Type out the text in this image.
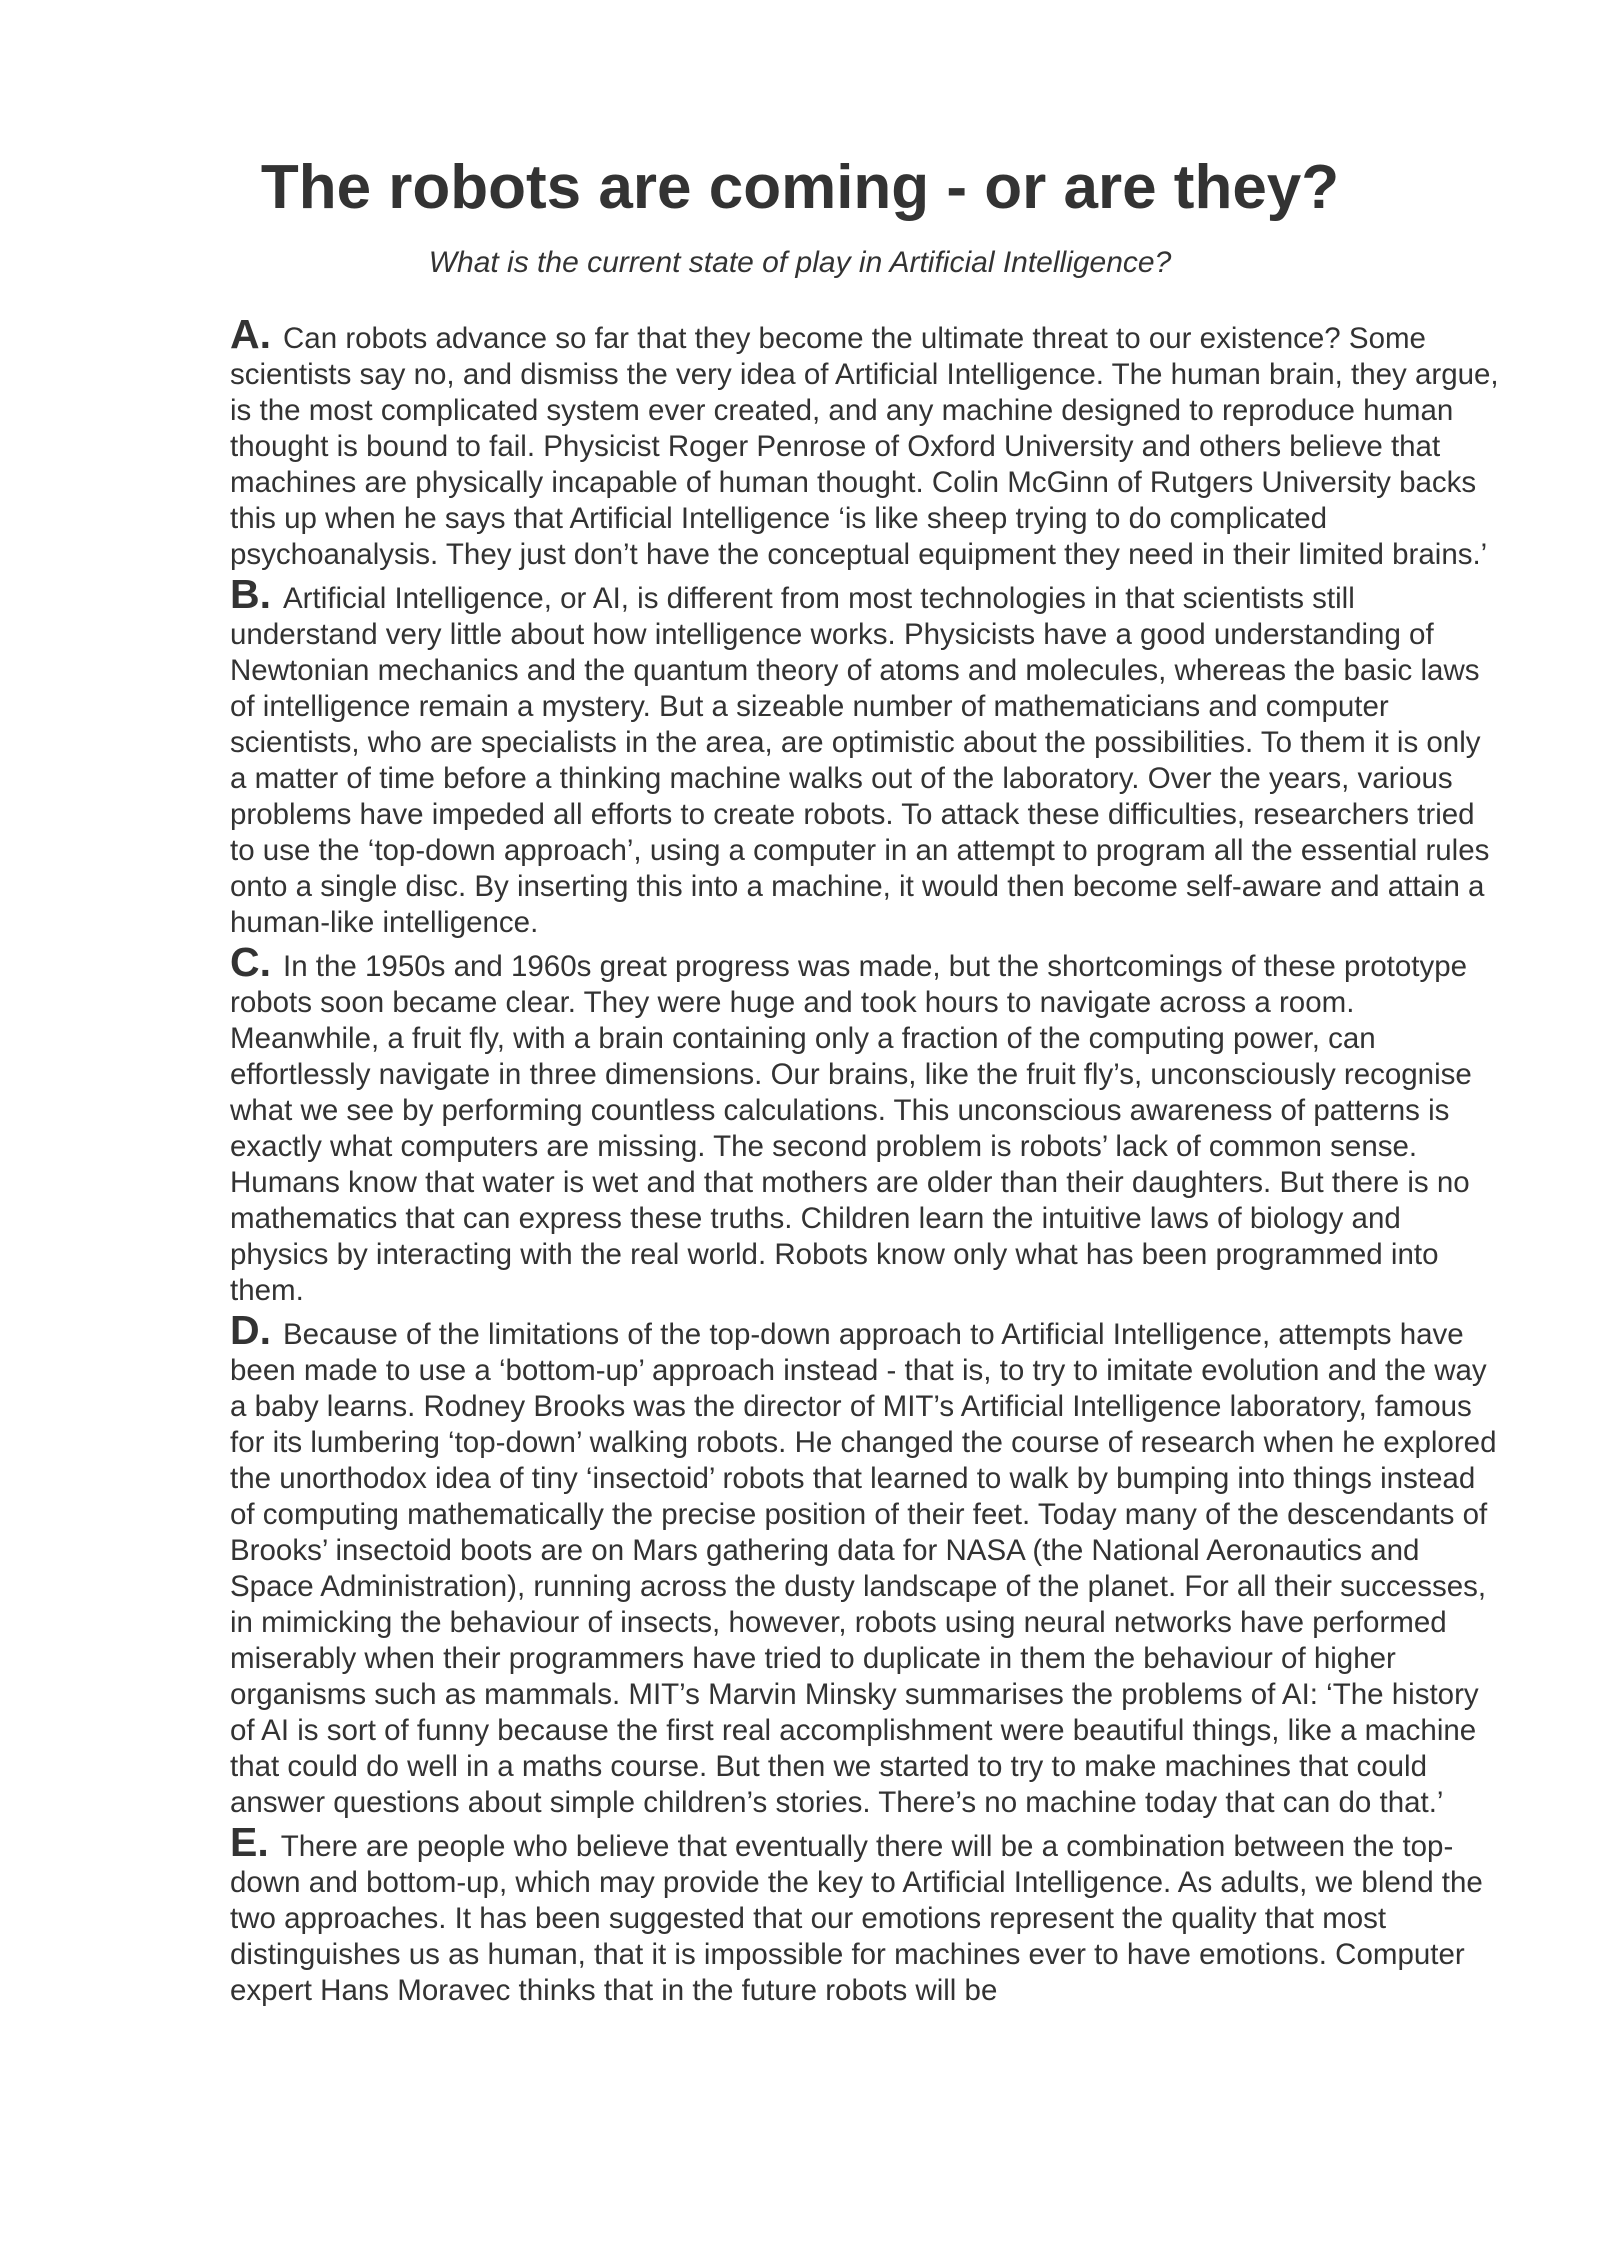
The robots are coming - or are they?

What is the current state of play in Artificial Intelligence?

A. Can robots advance so far that they become the ultimate threat to our existence? Some scientists say no, and dismiss the very idea of Artificial Intelligence. The human brain, they argue, is the most complicated system ever created, and any machine designed to reproduce human thought is bound to fail. Physicist Roger Penrose of Oxford University and others believe that machines are physically incapable of human thought. Colin McGinn of Rutgers University backs this up when he says that Artificial Intelligence ‘is like sheep trying to do complicated psychoanalysis. They just don’t have the conceptual equipment they need in their limited brains.’

B. Artificial Intelligence, or AI, is different from most technologies in that scientists still understand very little about how intelligence works. Physicists have a good understanding of Newtonian mechanics and the quantum theory of atoms and molecules, whereas the basic laws of intelligence remain a mystery. But a sizeable number of mathematicians and computer scientists, who are specialists in the area, are optimistic about the possibilities. To them it is only a matter of time before a thinking machine walks out of the laboratory. Over the years, various problems have impeded all efforts to create robots. To attack these difficulties, researchers tried to use the ‘top-down approach’, using a computer in an attempt to program all the essential rules onto a single disc. By inserting this into a machine, it would then become self-aware and attain a human-like intelligence.

C. In the 1950s and 1960s great progress was made, but the shortcomings of these prototype robots soon became clear. They were huge and took hours to navigate across a room. Meanwhile, a fruit fly, with a brain containing only a fraction of the computing power, can effortlessly navigate in three dimensions. Our brains, like the fruit fly’s, unconsciously recognise what we see by performing countless calculations. This unconscious awareness of patterns is exactly what computers are missing. The second problem is robots’ lack of common sense. Humans know that water is wet and that mothers are older than their daughters. But there is no mathematics that can express these truths. Children learn the intuitive laws of biology and physics by interacting with the real world. Robots know only what has been programmed into them.

D. Because of the limitations of the top-down approach to Artificial Intelligence, attempts have been made to use a ‘bottom-up’ approach instead - that is, to try to imitate evolution and the way a baby learns. Rodney Brooks was the director of MIT’s Artificial Intelligence laboratory, famous for its lumbering ‘top-down’ walking robots. He changed the course of research when he explored the unorthodox idea of tiny ‘insectoid’ robots that learned to walk by bumping into things instead of computing mathematically the precise position of their feet. Today many of the descendants of Brooks’ insectoid boots are on Mars gathering data for NASA (the National Aeronautics and Space Administration), running across the dusty landscape of the planet. For all their successes, in mimicking the behaviour of insects, however, robots using neural networks have performed miserably when their programmers have tried to duplicate in them the behaviour of higher organisms such as mammals. MIT’s Marvin Minsky summarises the problems of AI: ‘The history of AI is sort of funny because the first real accomplishment were beautiful things, like a machine that could do well in a maths course. But then we started to try to make machines that could answer questions about simple children’s stories. There’s no machine today that can do that.’

E. There are people who believe that eventually there will be a combination between the top-down and bottom-up, which may provide the key to Artificial Intelligence. As adults, we blend the two approaches. It has been suggested that our emotions represent the quality that most distinguishes us as human, that it is impossible for machines ever to have emotions. Computer expert Hans Moravec thinks that in the future robots will be
